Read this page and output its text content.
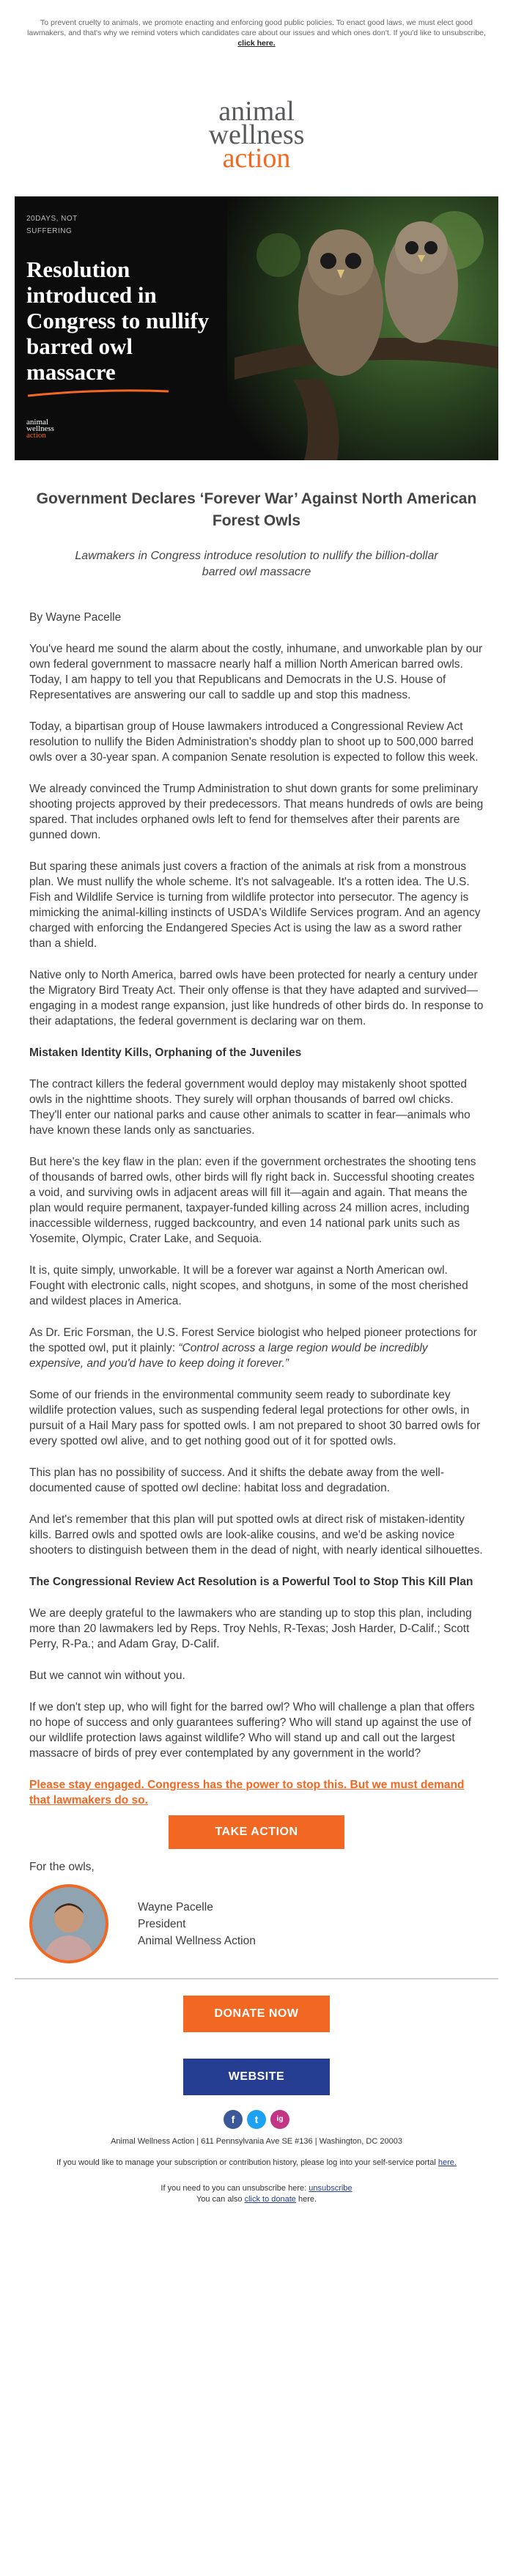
To prevent cruelty to animals, we promote enacting and enforcing good public policies. To enact good laws, we must elect good lawmakers, and that's why we remind voters which candidates care about our issues and which ones don't. If you'd like to unsubscribe, click here.
animal
wellness
action
20DAYS, NOT
SUFFERING
Resolution introduced in Congress to nullify barred owl massacre
animal
wellness
action
Government Declares ‘Forever War’ Against North American Forest Owls
Lawmakers in Congress introduce resolution to nullify the billion-dollar barred owl massacre

By Wayne Pacelle

You've heard me sound the alarm about the costly, inhumane, and unworkable plan by our own federal government to massacre nearly half a million North American barred owls. Today, I am happy to tell you that Republicans and Democrats in the U.S. House of Representatives are answering our call to saddle up and stop this madness.

Today, a bipartisan group of House lawmakers introduced a Congressional Review Act resolution to nullify the Biden Administration's shoddy plan to shoot up to 500,000 barred owls over a 30-year span. A companion Senate resolution is expected to follow this week.

We already convinced the Trump Administration to shut down grants for some preliminary shooting projects approved by their predecessors. That means hundreds of owls are being spared. That includes orphaned owls left to fend for themselves after their parents are gunned down.

But sparing these animals just covers a fraction of the animals at risk from a monstrous plan. We must nullify the whole scheme. It's not salvageable. It's a rotten idea. The U.S. Fish and Wildlife Service is turning from wildlife protector into persecutor. The agency is mimicking the animal-killing instincts of USDA's Wildlife Services program. And an agency charged with enforcing the Endangered Species Act is using the law as a sword rather than a shield.

Native only to North America, barred owls have been protected for nearly a century under the Migratory Bird Treaty Act. Their only offense is that they have adapted and survived—engaging in a modest range expansion, just like hundreds of other birds do. In response to their adaptations, the federal government is declaring war on them.

Mistaken Identity Kills, Orphaning of the Juveniles

The contract killers the federal government would deploy may mistakenly shoot spotted owls in the nighttime shoots. They surely will orphan thousands of barred owl chicks. They'll enter our national parks and cause other animals to scatter in fear—animals who have known these lands only as sanctuaries.

But here's the key flaw in the plan: even if the government orchestrates the shooting tens of thousands of barred owls, other birds will fly right back in. Successful shooting creates a void, and surviving owls in adjacent areas will fill it—again and again. That means the plan would require permanent, taxpayer-funded killing across 24 million acres, including inaccessible wilderness, rugged backcountry, and even 14 national park units such as Yosemite, Olympic, Crater Lake, and Sequoia.

It is, quite simply, unworkable. It will be a forever war against a North American owl. Fought with electronic calls, night scopes, and shotguns, in some of the most cherished and wildest places in America.

As Dr. Eric Forsman, the U.S. Forest Service biologist who helped pioneer protections for the spotted owl, put it plainly: “Control across a large region would be incredibly expensive, and you'd have to keep doing it forever.”

Some of our friends in the environmental community seem ready to subordinate key wildlife protection values, such as suspending federal legal protections for other owls, in pursuit of a Hail Mary pass for spotted owls. I am not prepared to shoot 30 barred owls for every spotted owl alive, and to get nothing good out of it for spotted owls.

This plan has no possibility of success. And it shifts the debate away from the well-documented cause of spotted owl decline: habitat loss and degradation.

And let's remember that this plan will put spotted owls at direct risk of mistaken-identity kills. Barred owls and spotted owls are look-alike cousins, and we'd be asking novice shooters to distinguish between them in the dead of night, with nearly identical silhouettes.

The Congressional Review Act Resolution is a Powerful Tool to Stop This Kill Plan

We are deeply grateful to the lawmakers who are standing up to stop this plan, including more than 20 lawmakers led by Reps. Troy Nehls, R-Texas; Josh Harder, D-Calif.; Scott Perry, R-Pa.; and Adam Gray, D-Calif.

But we cannot win without you.

If we don't step up, who will fight for the barred owl? Who will challenge a plan that offers no hope of success and only guarantees suffering? Who will stand up against the use of our wildlife protection laws against wildlife? Who will stand up and call out the largest massacre of birds of prey ever contemplated by any government in the world?

Please stay engaged. Congress has the power to stop this. But we must demand that lawmakers do so.

TAKE ACTION
For the owls,
Wayne Pacelle
President
Animal Wellness Action
DONATE NOW
WEBSITE
f	t	ig
Animal Wellness Action | 611 Pennsylvania Ave SE #136 | Washington, DC 20003
If you would like to manage your subscription or contribution history, please log into your self-service portal here.
If you need to you can unsubscribe here: unsubscribe
You can also click to donate here.
